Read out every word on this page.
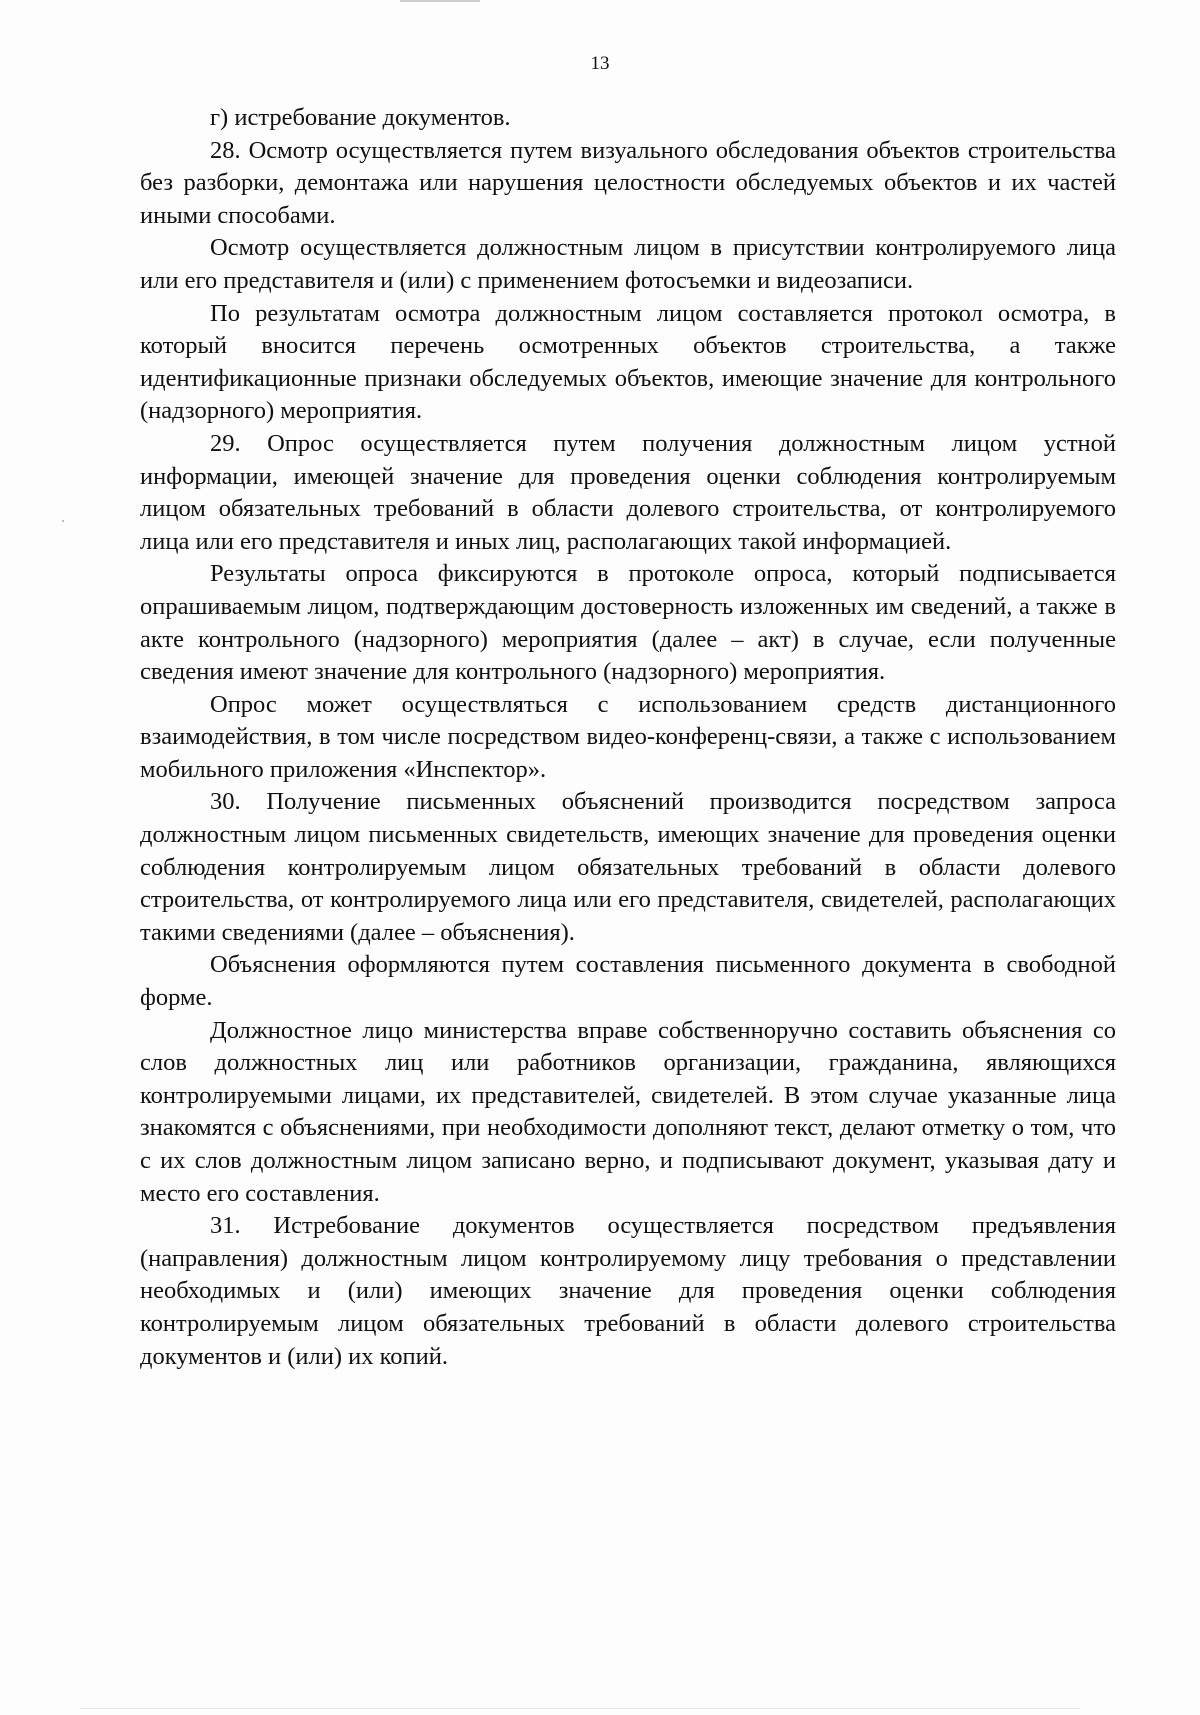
13

г) истребование документов.

28. Осмотр осуществляется путем визуального обследования объектов строительства без разборки, демонтажа или нарушения целостности обследуемых объектов и их частей иными способами.

Осмотр осуществляется должностным лицом в присутствии контролируемого лица или его представителя и (или) с применением фотосъемки и видеозаписи.

По результатам осмотра должностным лицом составляется протокол осмотра, в который вносится перечень осмотренных объектов строительства, а также идентификационные признаки обследуемых объектов, имеющие значение для контрольного (надзорного) мероприятия.

29. Опрос осуществляется путем получения должностным лицом устной информации, имеющей значение для проведения оценки соблюдения контролируемым лицом обязательных требований в области долевого строительства, от контролируемого лица или его представителя и иных лиц, располагающих такой информацией.

Результаты опроса фиксируются в протоколе опроса, который подписывается опрашиваемым лицом, подтверждающим достоверность изложенных им сведений, а также в акте контрольного (надзорного) мероприятия (далее – акт) в случае, если полученные сведения имеют значение для контрольного (надзорного) мероприятия.

Опрос может осуществляться с использованием средств дистанционного взаимодействия, в том числе посредством видео-конференц-связи, а также с использованием мобильного приложения «Инспектор».

30. Получение письменных объяснений производится посредством запроса должностным лицом письменных свидетельств, имеющих значение для проведения оценки соблюдения контролируемым лицом обязательных требований в области долевого строительства, от контролируемого лица или его представителя, свидетелей, располагающих такими сведениями (далее – объяснения).

Объяснения оформляются путем составления письменного документа в свободной форме.

Должностное лицо министерства вправе собственноручно составить объяснения со слов должностных лиц или работников организации, гражданина, являющихся контролируемыми лицами, их представителей, свидетелей. В этом случае указанные лица знакомятся с объяснениями, при необходимости дополняют текст, делают отметку о том, что с их слов должностным лицом записано верно, и подписывают документ, указывая дату и место его составления.

31. Истребование документов осуществляется посредством предъявления (направления) должностным лицом контролируемому лицу требования о представлении необходимых и (или) имеющих значение для проведения оценки соблюдения контролируемым лицом обязательных требований в области долевого строительства документов и (или) их копий.
